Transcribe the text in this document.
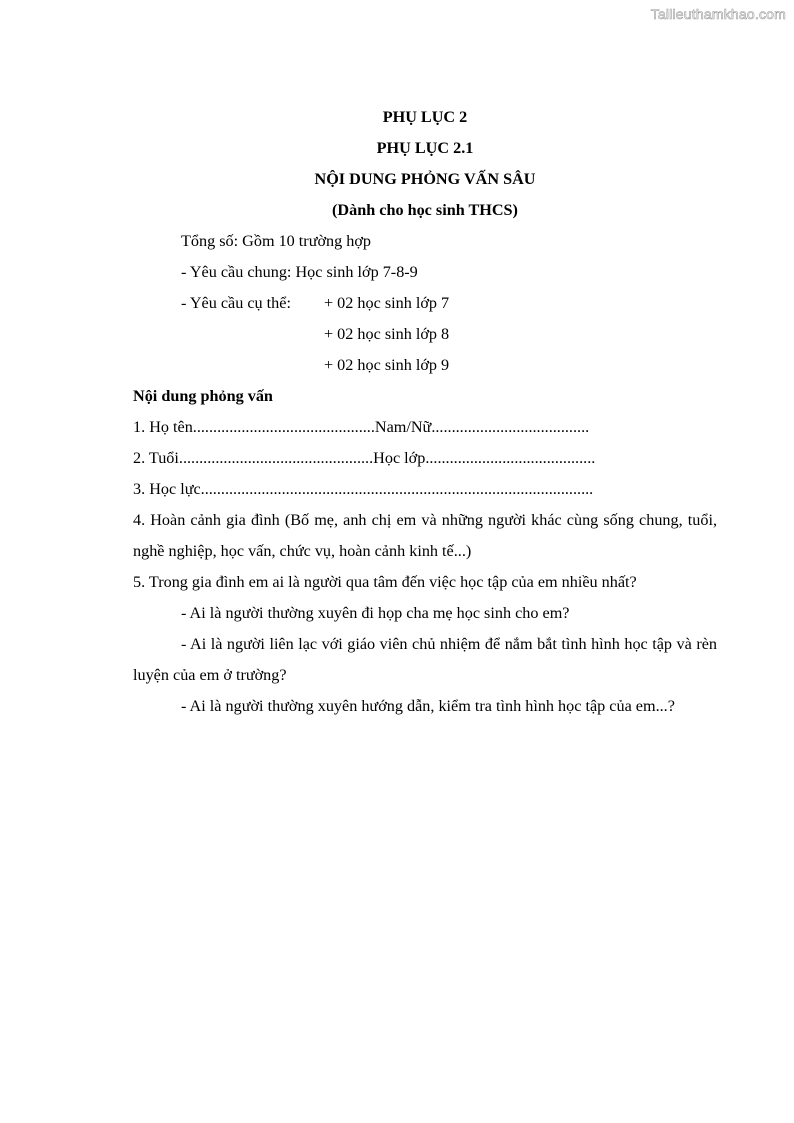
Tailieuthamkhao.com
PHỤ LỤC 2
PHỤ LỤC 2.1
NỘI DUNG PHỎNG VẤN SÂU
(Dành cho học sinh THCS)
Tổng số: Gồm 10 trường hợp
- Yêu cầu chung: Học sinh lớp 7-8-9
- Yêu cầu cụ thể: + 02 học sinh lớp 7
+ 02 học sinh lớp 8
+ 02 học sinh lớp 9
Nội dung phỏng vấn
1. Họ tên............................................. Nam/Nữ.......................................
2. Tuổi................................................ Học lớp..........................................
3. Học lực.................................................................................................
4. Hoàn cảnh gia đình (Bố mẹ, anh chị em và những người khác cùng sống chung, tuổi, nghề nghiệp, học vấn, chức vụ, hoàn cảnh kinh tế...)
5. Trong gia đình em ai là người qua tâm đến việc học tập của em nhiều nhất?
- Ai là người thường xuyên đi họp cha mẹ học sinh cho em?
- Ai là người liên lạc với giáo viên chủ nhiệm để nắm bắt tình hình học tập và rèn luyện của em ở trường?
- Ai là người thường xuyên hướng dẫn, kiểm tra tình hình học tập của em...?
